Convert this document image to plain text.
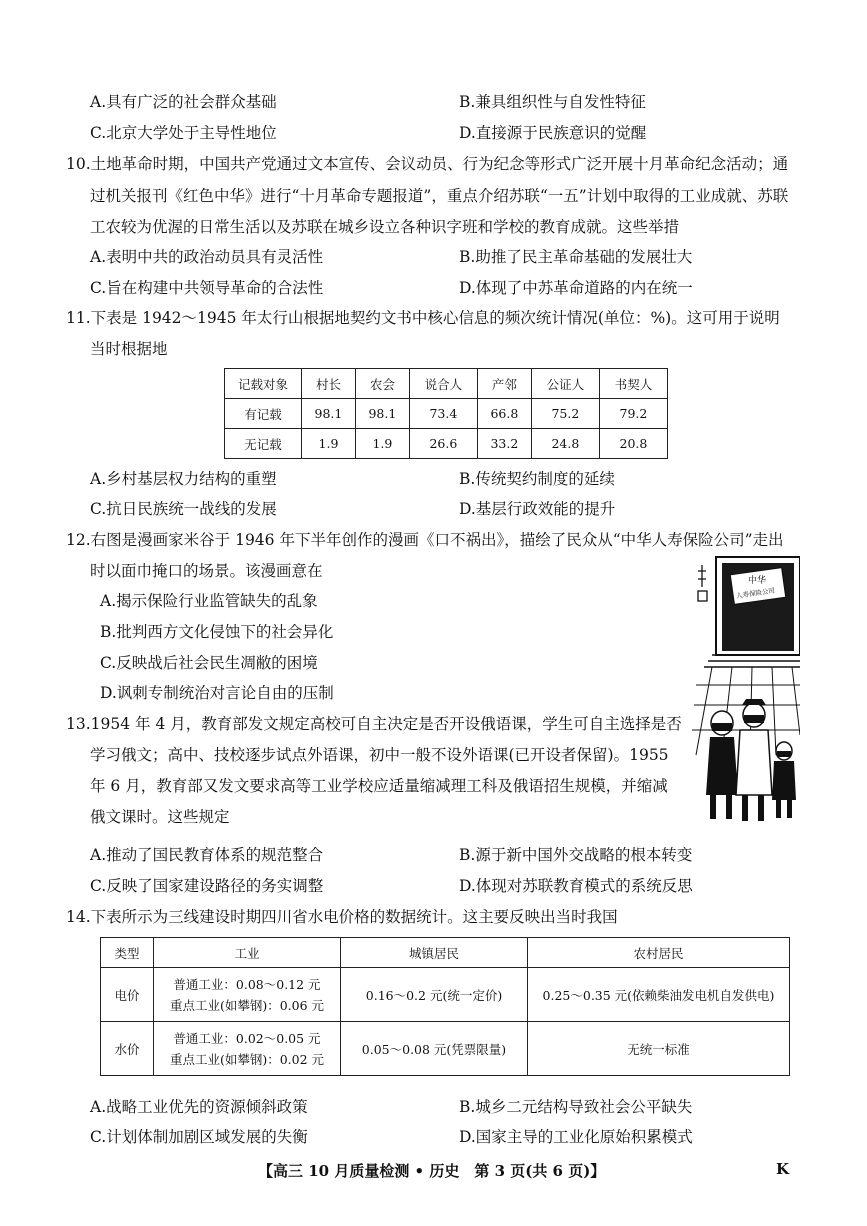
A.具有广泛的社会群众基础	B.兼具组织性与自发性特征
C.北京大学处于主导性地位	D.直接源于民族意识的觉醒
10.土地革命时期，中国共产党通过文本宣传、会议动员、行为纪念等形式广泛开展十月革命纪念活动；通
过机关报刊《红色中华》进行“十月革命专题报道”，重点介绍苏联“一五”计划中取得的工业成就、苏联
工农较为优渥的日常生活以及苏联在城乡设立各种识字班和学校的教育成就。这些举措
A.表明中共的政治动员具有灵活性	B.助推了民主革命基础的发展壮大
C.旨在构建中共领导革命的合法性	D.体现了中苏革命道路的内在统一
11.下表是 1942～1945 年太行山根据地契约文书中核心信息的频次统计情况(单位：%)。这可用于说明
当时根据地
记载对象	村长	农会	说合人	产邻	公证人	书契人
有记载	98.1	98.1	73.4	66.8	75.2	79.2
无记载	1.9	1.9	26.6	33.2	24.8	20.8
A.乡村基层权力结构的重塑	B.传统契约制度的延续
C.抗日民族统一战线的发展	D.基层行政效能的提升
12.右图是漫画家米谷于 1946 年下半年创作的漫画《口不祸出》，描绘了民众从“中华人寿保险公司”走出
时以面巾掩口的场景。该漫画意在
A.揭示保险行业监管缺失的乱象
B.批判西方文化侵蚀下的社会异化
C.反映战后社会民生凋敝的困境
D.讽刺专制统治对言论自由的压制
中华
人寿保险公司
13.1954 年 4 月，教育部发文规定高校可自主决定是否开设俄语课，学生可自主选择是否
学习俄文；高中、技校逐步试点外语课，初中一般不设外语课(已开设者保留)。1955
年 6 月，教育部又发文要求高等工业学校应适量缩减理工科及俄语招生规模，并缩减
俄文课时。这些规定
A.推动了国民教育体系的规范整合	B.源于新中国外交战略的根本转变
C.反映了国家建设路径的务实调整	D.体现对苏联教育模式的系统反思
14.下表所示为三线建设时期四川省水电价格的数据统计。这主要反映出当时我国
类型	工业	城镇居民	农村居民
电价	普通工业：0.08～0.12 元
重点工业(如攀钢)：0.06 元	0.16～0.2 元(统一定价)	0.25～0.35 元(依赖柴油发电机自发供电)
水价	普通工业：0.02～0.05 元
重点工业(如攀钢)：0.02 元	0.05～0.08 元(凭票限量)	无统一标准
A.战略工业优先的资源倾斜政策	B.城乡二元结构导致社会公平缺失
C.计划体制加剧区域发展的失衡	D.国家主导的工业化原始积累模式
【高三 10 月质量检测 • 历史　第 3 页(共 6 页)】	K
